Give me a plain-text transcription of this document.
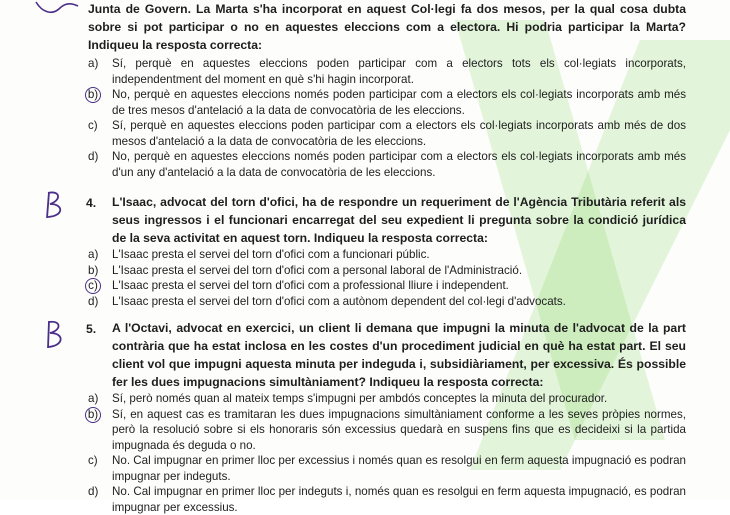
Junta de Govern. La Marta s'ha incorporat en aquest Col·legi fa dos mesos, per la qual cosa dubta sobre si pot participar o no en aquestes eleccions com a electora. Hi podria participar la Marta? Indiqueu la resposta correcta:

a) Sí, perquè en aquestes eleccions poden participar com a electors tots els col·legiats incorporats, independentment del moment en què s'hi hagin incorporat.

b) No, perquè en aquestes eleccions només poden participar com a electors els col·legiats incorporats amb més de tres mesos d'antelació a la data de convocatòria de les eleccions.

c) Sí, perquè en aquestes eleccions poden participar com a electors els col·legiats incorporats amb més de dos mesos d'antelació a la data de convocatòria de les eleccions.

d) No, perquè en aquestes eleccions només poden participar com a electors els col·legiats incorporats amb més d'un any d'antelació a la data de convocatòria de les eleccions.

4. L'Isaac, advocat del torn d'ofici, ha de respondre un requeriment de l'Agència Tributària referit als seus ingressos i el funcionari encarregat del seu expedient li pregunta sobre la condició jurídica de la seva activitat en aquest torn. Indiqueu la resposta correcta:

a) L'Isaac presta el servei del torn d'ofici com a funcionari públic.

b) L'Isaac presta el servei del torn d'ofici com a personal laboral de l'Administració.

c) L'Isaac presta el servei del torn d'ofici com a professional lliure i independent.

d) L'Isaac presta el servei del torn d'ofici com a autònom dependent del col·legi d'advocats.

5. A l'Octavi, advocat en exercici, un client li demana que impugni la minuta de l'advocat de la part contrària que ha estat inclosa en les costes d'un procediment judicial en què ha estat part. El seu client vol que impugni aquesta minuta per indeguda i, subsidiàriament, per excessiva. És possible fer les dues impugnacions simultàniament? Indiqueu la resposta correcta:

a) Sí, però només quan al mateix temps s'impugni per ambdós conceptes la minuta del procurador.

b) Sí, en aquest cas es tramitaran les dues impugnacions simultàniament conforme a les seves pròpies normes, però la resolució sobre si els honoraris són excessius quedarà en suspens fins que es decideixi si la partida impugnada és deguda o no.

c) No. Cal impugnar en primer lloc per excessius i només quan es resolgui en ferm aquesta impugnació es podran impugnar per indeguts.

d) No. Cal impugnar en primer lloc per indeguts i, només quan es resolgui en ferm aquesta impugnació, es podran impugnar per excessius.
